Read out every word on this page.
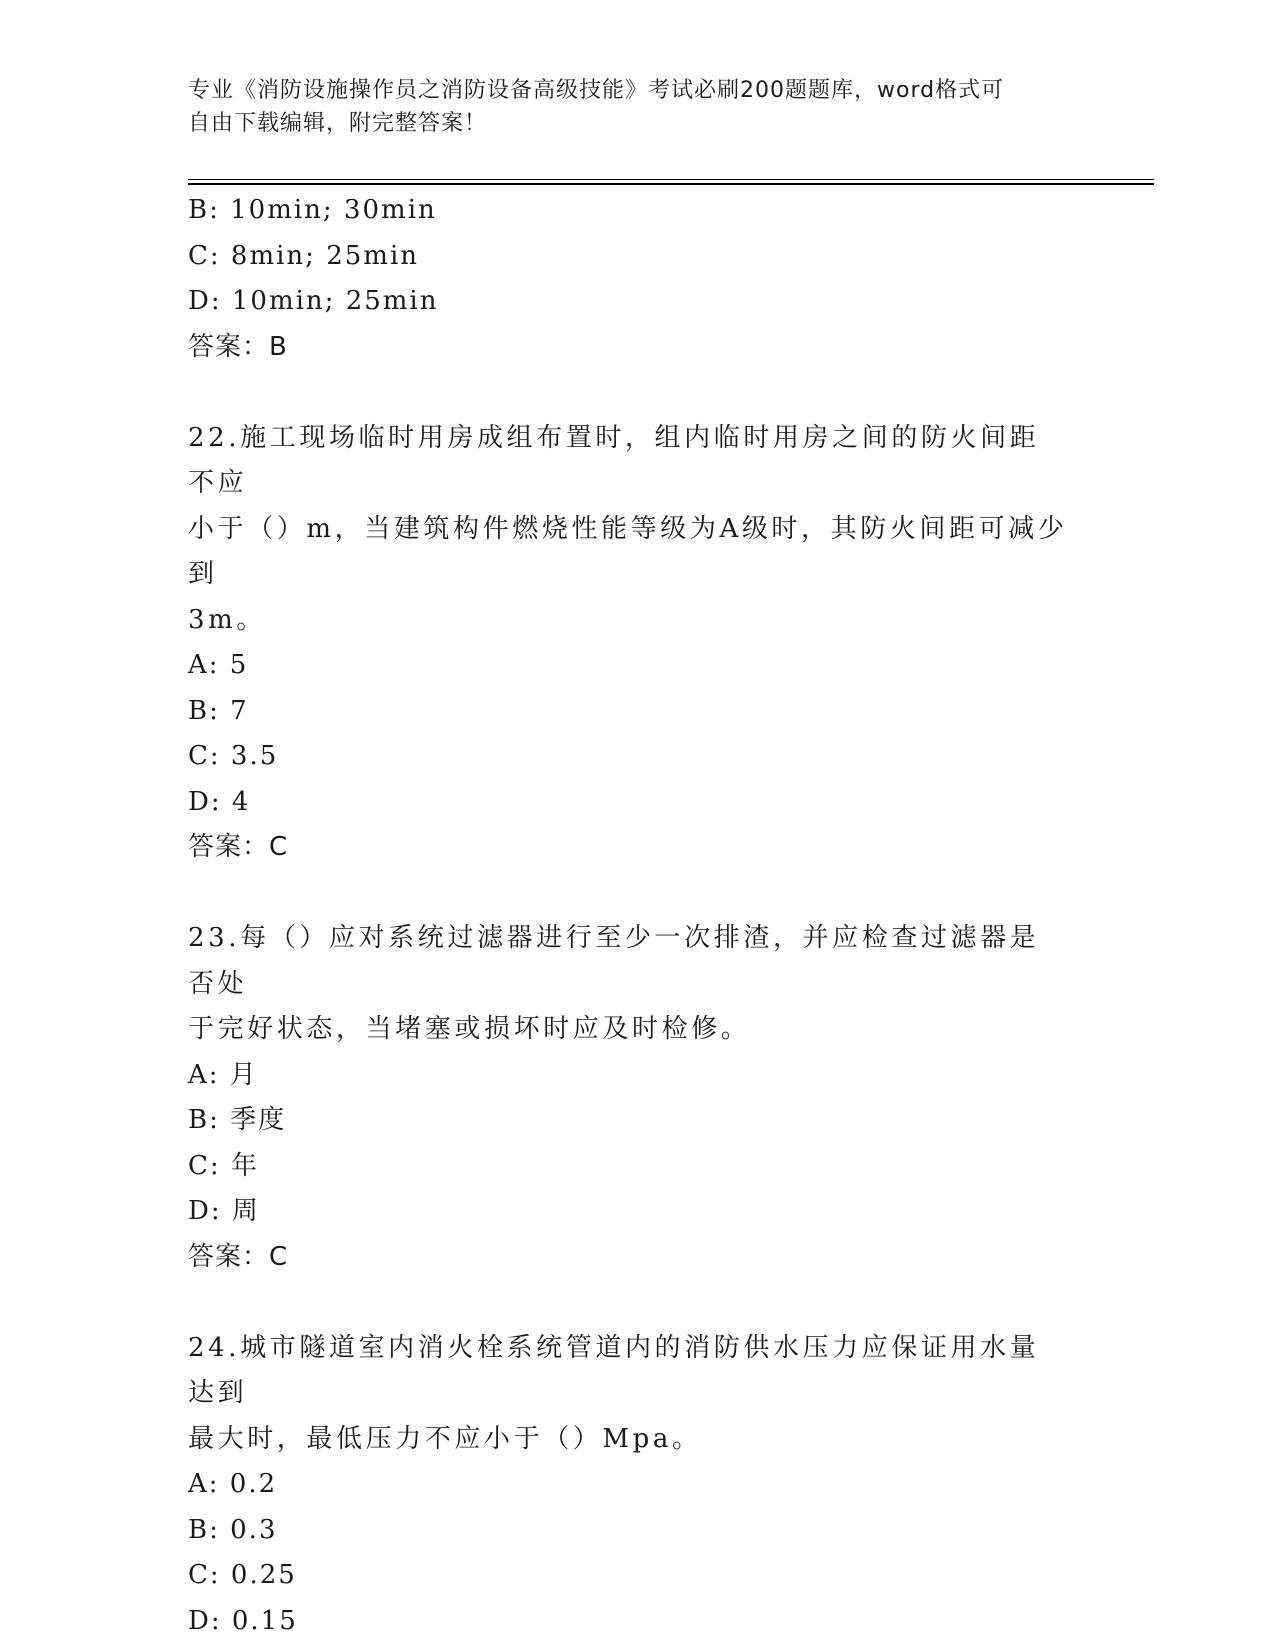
专业《消防设施操作员之消防设备高级技能》考试必刷200题题库，word格式可
自由下载编辑，附完整答案！
B: 10min; 30min
C: 8min; 25min
D: 10min; 25min
答案：B
22.施工现场临时用房成组布置时，组内临时用房之间的防火间距不应
小于（）m，当建筑构件燃烧性能等级为A级时，其防火间距可减少到
3m。
A: 5
B: 7
C: 3.5
D: 4
答案：C
23.每（）应对系统过滤器进行至少一次排渣，并应检查过滤器是否处
于完好状态，当堵塞或损坏时应及时检修。
A: 月
B: 季度
C: 年
D: 周
答案：C
24.城市隧道室内消火栓系统管道内的消防供水压力应保证用水量达到
最大时，最低压力不应小于（）Mpa。
A: 0.2
B: 0.3
C: 0.25
D: 0.15
